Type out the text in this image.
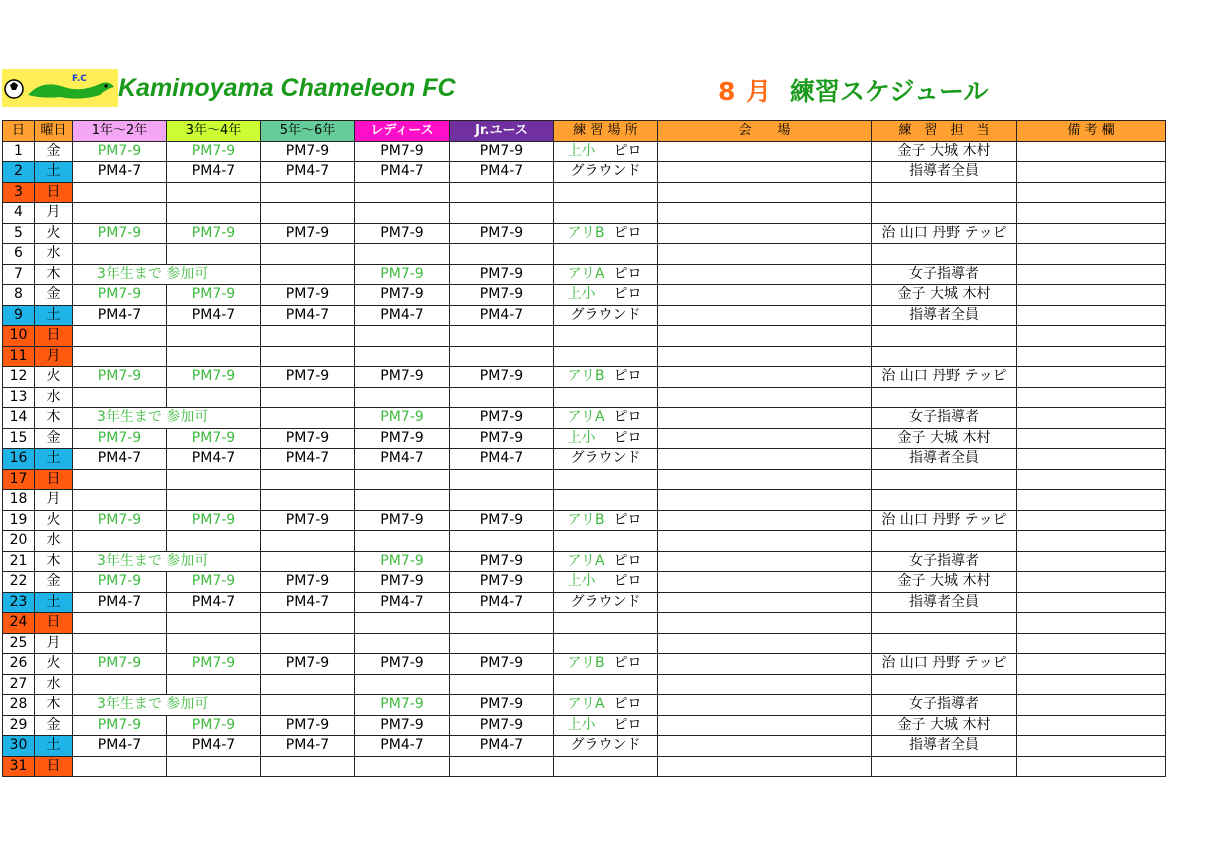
F.C Kaminoyama Chameleon FC	8 月 練習スケジュール
日	曜日	1年〜2年	3年〜4年	5年〜6年	レディース	Jr.ユース	練 習 場 所	会　　場	練　習　担　当	備 考 欄
1	金	PM7-9	PM7-9	PM7-9	PM7-9	PM7-9	上小 ピロ		金子 大城 木村	
2	土	PM4-7	PM4-7	PM4-7	PM4-7	PM4-7	グラウンド		指導者全員	
3	日									
4	月									
5	火	PM7-9	PM7-9	PM7-9	PM7-9	PM7-9	アリB ピロ		治 山口 丹野 テッピ	
6	水									
7	木	3年生まで 参加可			PM7-9	PM7-9	アリA ピロ		女子指導者	
8	金	PM7-9	PM7-9	PM7-9	PM7-9	PM7-9	上小 ピロ		金子 大城 木村	
9	土	PM4-7	PM4-7	PM4-7	PM4-7	PM4-7	グラウンド		指導者全員	
10	日									
11	月									
12	火	PM7-9	PM7-9	PM7-9	PM7-9	PM7-9	アリB ピロ		治 山口 丹野 テッピ	
13	水									
14	木	3年生まで 参加可			PM7-9	PM7-9	アリA ピロ		女子指導者	
15	金	PM7-9	PM7-9	PM7-9	PM7-9	PM7-9	上小 ピロ		金子 大城 木村	
16	土	PM4-7	PM4-7	PM4-7	PM4-7	PM4-7	グラウンド		指導者全員	
17	日									
18	月									
19	火	PM7-9	PM7-9	PM7-9	PM7-9	PM7-9	アリB ピロ		治 山口 丹野 テッピ	
20	水									
21	木	3年生まで 参加可			PM7-9	PM7-9	アリA ピロ		女子指導者	
22	金	PM7-9	PM7-9	PM7-9	PM7-9	PM7-9	上小 ピロ		金子 大城 木村	
23	土	PM4-7	PM4-7	PM4-7	PM4-7	PM4-7	グラウンド		指導者全員	
24	日									
25	月									
26	火	PM7-9	PM7-9	PM7-9	PM7-9	PM7-9	アリB ピロ		治 山口 丹野 テッピ	
27	水									
28	木	3年生まで 参加可			PM7-9	PM7-9	アリA ピロ		女子指導者	
29	金	PM7-9	PM7-9	PM7-9	PM7-9	PM7-9	上小 ピロ		金子 大城 木村	
30	土	PM4-7	PM4-7	PM4-7	PM4-7	PM4-7	グラウンド		指導者全員	
31	日									
